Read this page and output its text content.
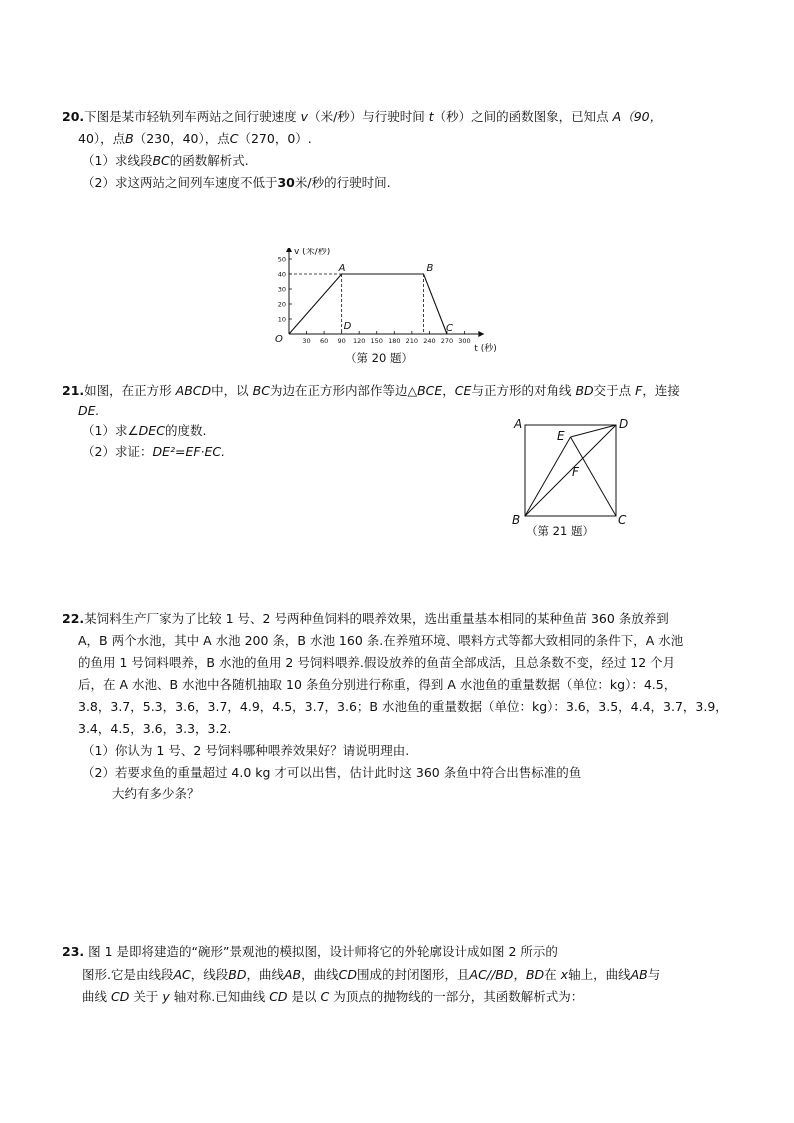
20.下图是某市轻轨列车两站之间行驶速度 v（米/秒）与行驶时间 t（秒）之间的函数图象，已知点 A（90，
40），点B（230，40），点C（270，0）.
（1）求线段BC的函数解析式.
（2）求这两站之间列车速度不低于30米/秒的行驶时间.
30 60 90 120 150 180 210 240 270 300
10
20
30
40
50
O
A	B
C
D
v (米/秒)
t (秒)
（第 20 题）
21.如图，在正方形 ABCD中，以 BC为边在正方形内部作等边△BCE，CE与正方形的对角线 BD交于点 F，连接
DE.
（1）求∠DEC的度数.
（2）求证：DE²=EF·EC.
A	D
B	C
E
F
（第 21 题）
22.某饲料生产厂家为了比较 1 号、2 号两种鱼饲料的喂养效果，选出重量基本相同的某种鱼苗 360 条放养到
A，B 两个水池，其中 A 水池 200 条，B 水池 160 条.在养殖环境、喂料方式等都大致相同的条件下，A 水池
的鱼用 1 号饲料喂养，B 水池的鱼用 2 号饲料喂养.假设放养的鱼苗全部成活，且总条数不变，经过 12 个月
后，在 A 水池、B 水池中各随机抽取 10 条鱼分别进行称重，得到 A 水池鱼的重量数据（单位：kg）：4.5，
3.8，3.7，5.3，3.6，3.7，4.9，4.5，3.7，3.6；B 水池鱼的重量数据（单位：kg）：3.6，3.5，4.4，3.7，3.9，
3.4，4.5，3.6，3.3，3.2.
（1）你认为 1 号、2 号饲料哪种喂养效果好？请说明理由.
（2）若要求鱼的重量超过 4.0 kg 才可以出售，估计此时这 360 条鱼中符合出售标准的鱼
大约有多少条？
23. 图 1 是即将建造的“碗形”景观池的模拟图，设计师将它的外轮廓设计成如图 2 所示的
图形.它是由线段AC，线段BD，曲线AB，曲线CD围成的封闭图形，且AC//BD，BD在 x轴上，曲线AB与
曲线 CD 关于 y 轴对称.已知曲线 CD 是以 C 为顶点的抛物线的一部分，其函数解析式为：
